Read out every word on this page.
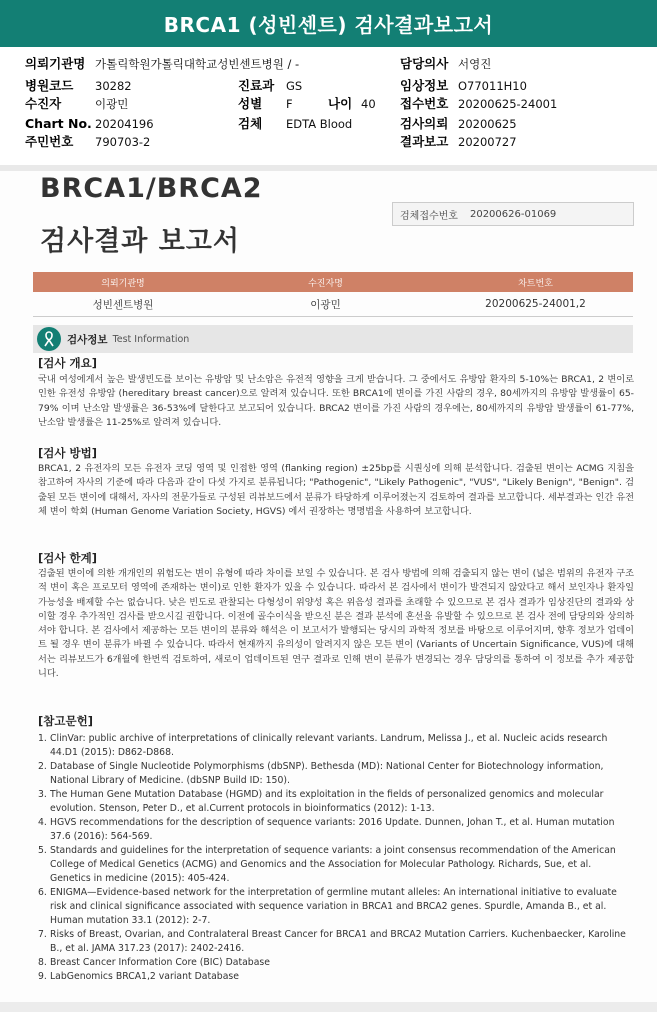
BRCA1 (성빈센트) 검사결과보고서
의뢰기관명 가톨릭학원가톨릭대학교성빈센트병원 / -
병원코드 30282
수진자	이광민
Chart No. 20204196
주민번호 790703-2
진료과 GS
성별 F	나이 40
검체 EDTA Blood
담당의사 서영진
임상정보 O77011H10
접수번호 20200625-24001
검사의뢰 20200625
결과보고 20200727
BRCA1/BRCA2
검사결과 보고서
검체접수번호 20200626-01069
의뢰기관명	수진자명	차트번호
성빈센트병원	이광민	20200625-24001,2
검사정보 Test Information
[검사 개요]
국내 여성에게서 높은 발생빈도를 보이는 유방암 및 난소암은 유전적 영향을 크게 받습니다. 그 중에서도 유방암 환자의 5-10%는 BRCA1, 2 변이로 인한 유전성 유방암 (hereditary breast cancer)으로 알려져 있습니다. 또한 BRCA1에 변이를 가진 사람의 경우, 80세까지의 유방암 발생률이 65-79% 이며 난소암 발생률은 36-53%에 달한다고 보고되어 있습니다. BRCA2 변이를 가진 사람의 경우에는, 80세까지의 유방암 발생률이 61-77%, 난소암 발생률은 11-25%로 알려져 있습니다.
[검사 방법]
BRCA1, 2 유전자의 모든 유전자 코딩 영역 및 인접한 영역 (flanking region) ±25bp를 시퀀싱에 의해 분석합니다. 검출된 변이는 ACMG 지침을 참고하여 자사의 기준에 따라 다음과 같이 다섯 가지로 분류됩니다; "Pathogenic", "Likely Pathogenic", "VUS", "Likely Benign", "Benign". 검출된 모든 변이에 대해서, 자사의 전문가들로 구성된 리뷰보드에서 분류가 타당하게 이루어졌는지 검토하여 결과를 보고합니다. 세부결과는 인간 유전체 변이 학회 (Human Genome Variation Society, HGVS) 에서 권장하는 명명법을 사용하여 보고합니다.
[검사 한계]
검출된 변이에 의한 개개인의 위험도는 변이 유형에 따라 차이를 보일 수 있습니다. 본 검사 방법에 의해 검출되지 않는 변이 (넓은 범위의 유전자 구조적 변이 혹은 프로모터 영역에 존재하는 변이)로 인한 환자가 있을 수 있습니다. 따라서 본 검사에서 변이가 발견되지 않았다고 해서 보인자나 환자일 가능성을 배제할 수는 없습니다. 낮은 빈도로 관찰되는 다형성이 위양성 혹은 위음성 결과를 초래할 수 있으므로 본 검사 결과가 임상진단의 결과와 상이할 경우 추가적인 검사를 받으시길 권합니다. 이전에 골수이식을 받으신 분은 결과 분석에 혼선을 유발할 수 있으므로 본 검사 전에 담당의와 상의하셔야 합니다. 본 검사에서 제공하는 모든 변이의 분류와 해석은 이 보고서가 발행되는 당시의 과학적 정보를 바탕으로 이루어지며, 향후 정보가 업데이트 될 경우 변이 분류가 바뀔 수 있습니다. 따라서 현재까지 유의성이 알려지지 않은 모든 변이 (Variants of Uncertain Significance, VUS)에 대해서는 리뷰보드가 6개월에 한번씩 검토하여, 새로이 업데이트된 연구 결과로 인해 변이 분류가 변경되는 경우 담당의를 통하여 이 정보를 추가 제공합니다.
[참고문헌]
1. ClinVar: public archive of interpretations of clinically relevant variants. Landrum, Melissa J., et al. Nucleic acids research 44.D1 (2015): D862-D868.
2. Database of Single Nucleotide Polymorphisms (dbSNP). Bethesda (MD): National Center for Biotechnology information, National Library of Medicine. (dbSNP Build ID: 150).
3. The Human Gene Mutation Database (HGMD) and its exploitation in the fields of personalized genomics and molecular evolution. Stenson, Peter D., et al.Current protocols in bioinformatics (2012): 1-13.
4. HGVS recommendations for the description of sequence variants: 2016 Update. Dunnen, Johan T., et al. Human mutation 37.6 (2016): 564-569.
5. Standards and guidelines for the interpretation of sequence variants: a joint consensus recommendation of the American College of Medical Genetics (ACMG) and Genomics and the Association for Molecular Pathology. Richards, Sue, et al. Genetics in medicine (2015): 405-424.
6. ENIGMA—Evidence-based network for the interpretation of germline mutant alleles: An international initiative to evaluate risk and clinical significance associated with sequence variation in BRCA1 and BRCA2 genes. Spurdle, Amanda B., et al. Human mutation 33.1 (2012): 2-7.
7. Risks of Breast, Ovarian, and Contralateral Breast Cancer for BRCA1 and BRCA2 Mutation Carriers. Kuchenbaecker, Karoline B., et al. JAMA 317.23 (2017): 2402-2416.
8. Breast Cancer Information Core (BIC) Database
9. LabGenomics BRCA1,2 variant Database
